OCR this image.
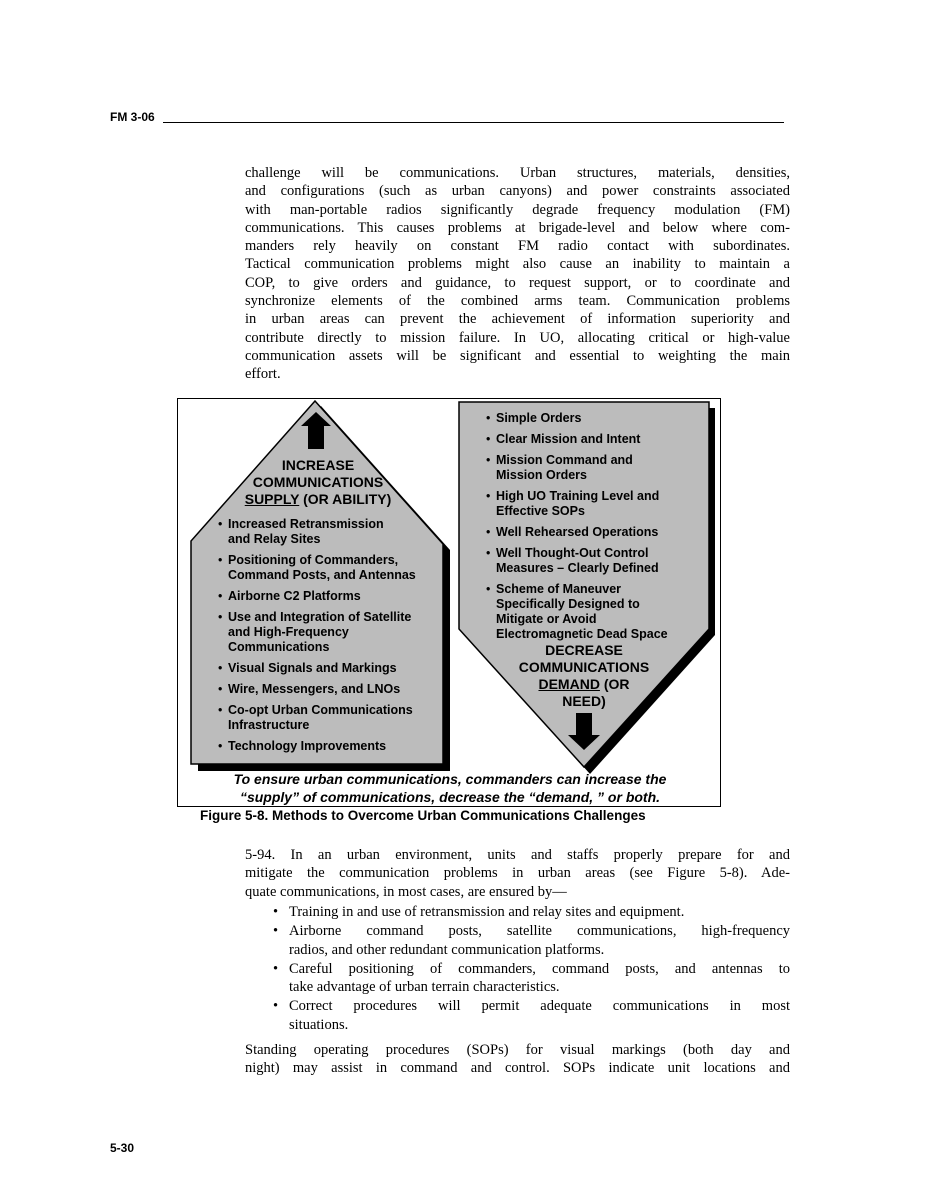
FM 3-06

challenge will be communications. Urban structures, materials, densities,
and configurations (such as urban canyons) and power constraints associated
with man-portable radios significantly degrade frequency modulation (FM)
communications. This causes problems at brigade-level and below where com-
manders rely heavily on constant FM radio contact with subordinates.
Tactical communication problems might also cause an inability to maintain a
COP, to give orders and guidance, to request support, or to coordinate and
synchronize elements of the combined arms team. Communication problems
in urban areas can prevent the achievement of information superiority and
contribute directly to mission failure. In UO, allocating critical or high-value
communication assets will be significant and essential to weighting the main
effort.

INCREASE
COMMUNICATIONS
SUPPLY (OR ABILITY)
• Increased Retransmission
and Relay Sites
• Positioning of Commanders,
Command Posts, and Antennas
• Airborne C2 Platforms
• Use and Integration of Satellite
and High-Frequency
Communications
• Visual Signals and Markings
• Wire, Messengers, and LNOs
• Co-opt Urban Communications
Infrastructure
• Technology Improvements
• Simple Orders
• Clear Mission and Intent
• Mission Command and
Mission Orders
• High UO Training Level and
Effective SOPs
• Well Rehearsed Operations
• Well Thought-Out Control
Measures – Clearly Defined
• Scheme of Maneuver
Specifically Designed to
Mitigate or Avoid
Electromagnetic Dead Space
DECREASE
COMMUNICATIONS
DEMAND (OR
NEED)
To ensure urban communications, commanders can increase the
“supply” of communications, decrease the “demand, ” or both.
Figure 5-8. Methods to Overcome Urban Communications Challenges

5-94. In an urban environment, units and staffs properly prepare for and
mitigate the communication problems in urban areas (see Figure 5-8). Ade-
quate communications, in most cases, are ensured by—

• Training in and use of retransmission and relay sites and equipment.
• Airborne command posts, satellite communications, high-frequency
radios, and other redundant communication platforms.
• Careful positioning of commanders, command posts, and antennas to
take advantage of urban terrain characteristics.
• Correct procedures will permit adequate communications in most
situations.

Standing operating procedures (SOPs) for visual markings (both day and
night) may assist in command and control. SOPs indicate unit locations and

5-30
